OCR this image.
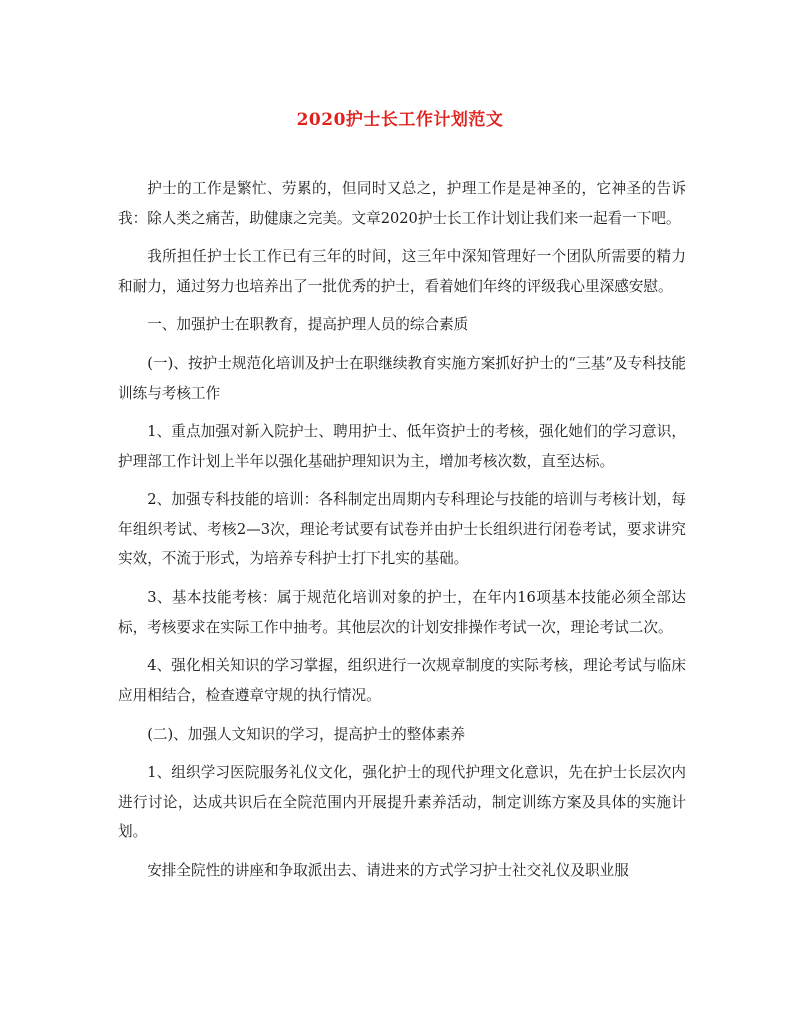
2020护士长工作计划范文

护士的工作是繁忙、劳累的，但同时又总之，护理工作是是神圣的，它神圣的告诉我：除人类之痛苦，助健康之完美。文章2020护士长工作计划让我们来一起看一下吧。

我所担任护士长工作已有三年的时间，这三年中深知管理好一个团队所需要的精力和耐力，通过努力也培养出了一批优秀的护士，看着她们年终的评级我心里深感安慰。

一、加强护士在职教育，提高护理人员的综合素质

(一)、按护士规范化培训及护士在职继续教育实施方案抓好护士的“三基”及专科技能训练与考核工作

1、重点加强对新入院护士、聘用护士、低年资护士的考核，强化她们的学习意识，护理部工作计划上半年以强化基础护理知识为主，增加考核次数，直至达标。

2、加强专科技能的培训：各科制定出周期内专科理论与技能的培训与考核计划，每年组织考试、考核2—3次，理论考试要有试卷并由护士长组织进行闭卷考试，要求讲究实效，不流于形式，为培养专科护士打下扎实的基础。

3、基本技能考核：属于规范化培训对象的护士，在年内16项基本技能必须全部达标，考核要求在实际工作中抽考。其他层次的计划安排操作考试一次，理论考试二次。

4、强化相关知识的学习掌握，组织进行一次规章制度的实际考核，理论考试与临床应用相结合，检查遵章守规的执行情况。

(二)、加强人文知识的学习，提高护士的整体素养

1、组织学习医院服务礼仪文化，强化护士的现代护理文化意识，先在护士长层次内进行讨论，达成共识后在全院范围内开展提升素养活动，制定训练方案及具体的实施计划。

安排全院性的讲座和争取派出去、请进来的方式学习护士社交礼仪及职业服
